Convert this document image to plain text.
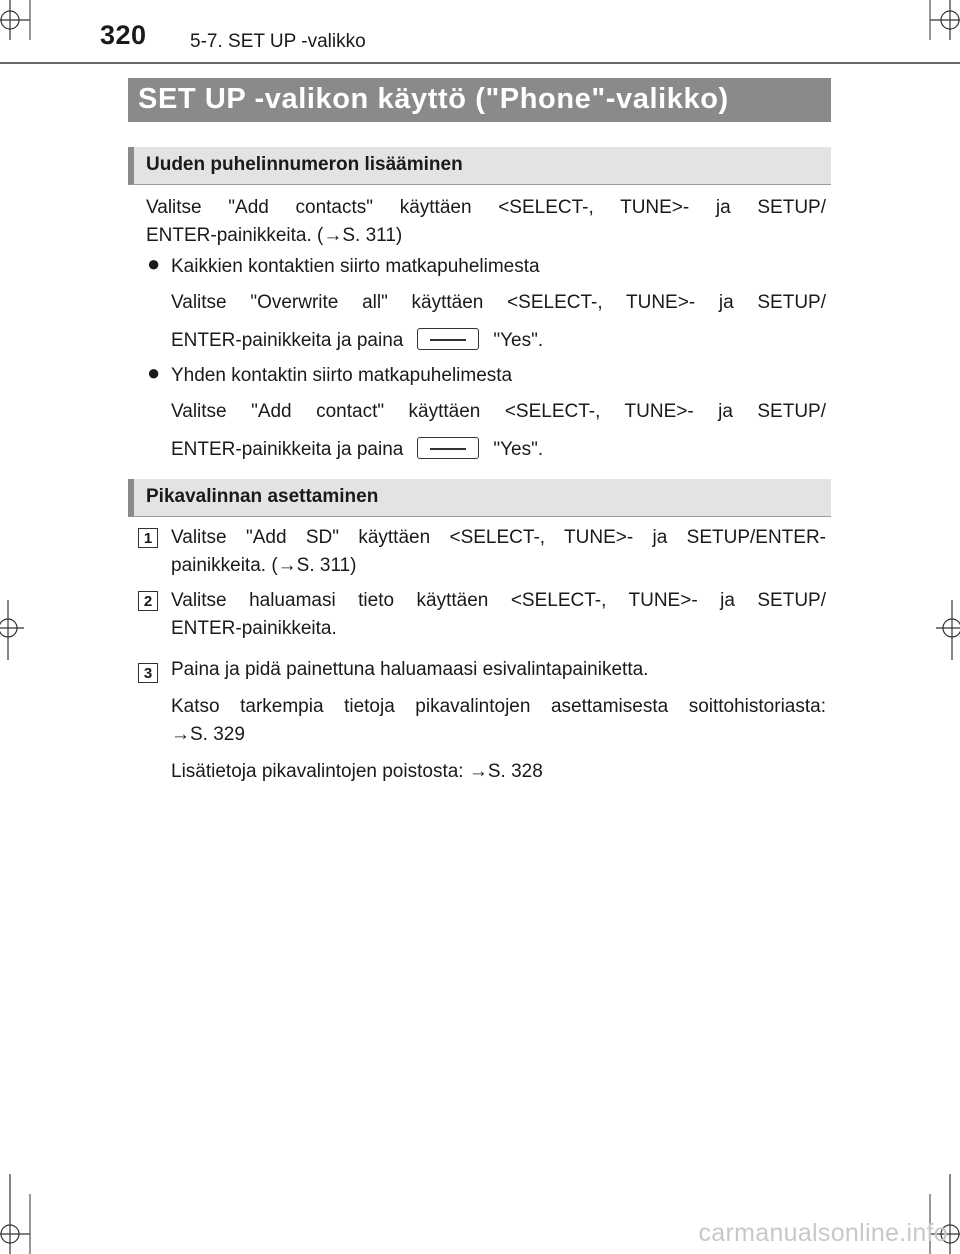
320 5-7. SET UP -valikko
SET UP -valikon käyttö ("Phone"-valikko)
Uuden puhelinnumeron lisääminen
Valitse "Add contacts" käyttäen <SELECT-, TUNE>- ja SETUP/
ENTER-painikkeita. (→S. 311)
● Kaikkien kontaktien siirto matkapuhelimesta
Valitse "Overwrite all" käyttäen <SELECT-, TUNE>- ja SETUP/
ENTER-painikkeita ja paina	"Yes".
● Yhden kontaktin siirto matkapuhelimesta
Valitse "Add contact" käyttäen <SELECT-, TUNE>- ja SETUP/
ENTER-painikkeita ja paina	"Yes".
Pikavalinnan asettaminen
1 Valitse "Add SD" käyttäen <SELECT-, TUNE>- ja SETUP/ENTER-
painikkeita. (→S. 311)
2 Valitse haluamasi tieto käyttäen <SELECT-, TUNE>- ja SETUP/
ENTER-painikkeita.
3 Paina ja pidä painettuna haluamaasi esivalintapainiketta.
Katso tarkempia tietoja pikavalintojen asettamisesta soittohistoriasta:
→S. 329
Lisätietoja pikavalintojen poistosta: →S. 328
carmanualsonline.info
